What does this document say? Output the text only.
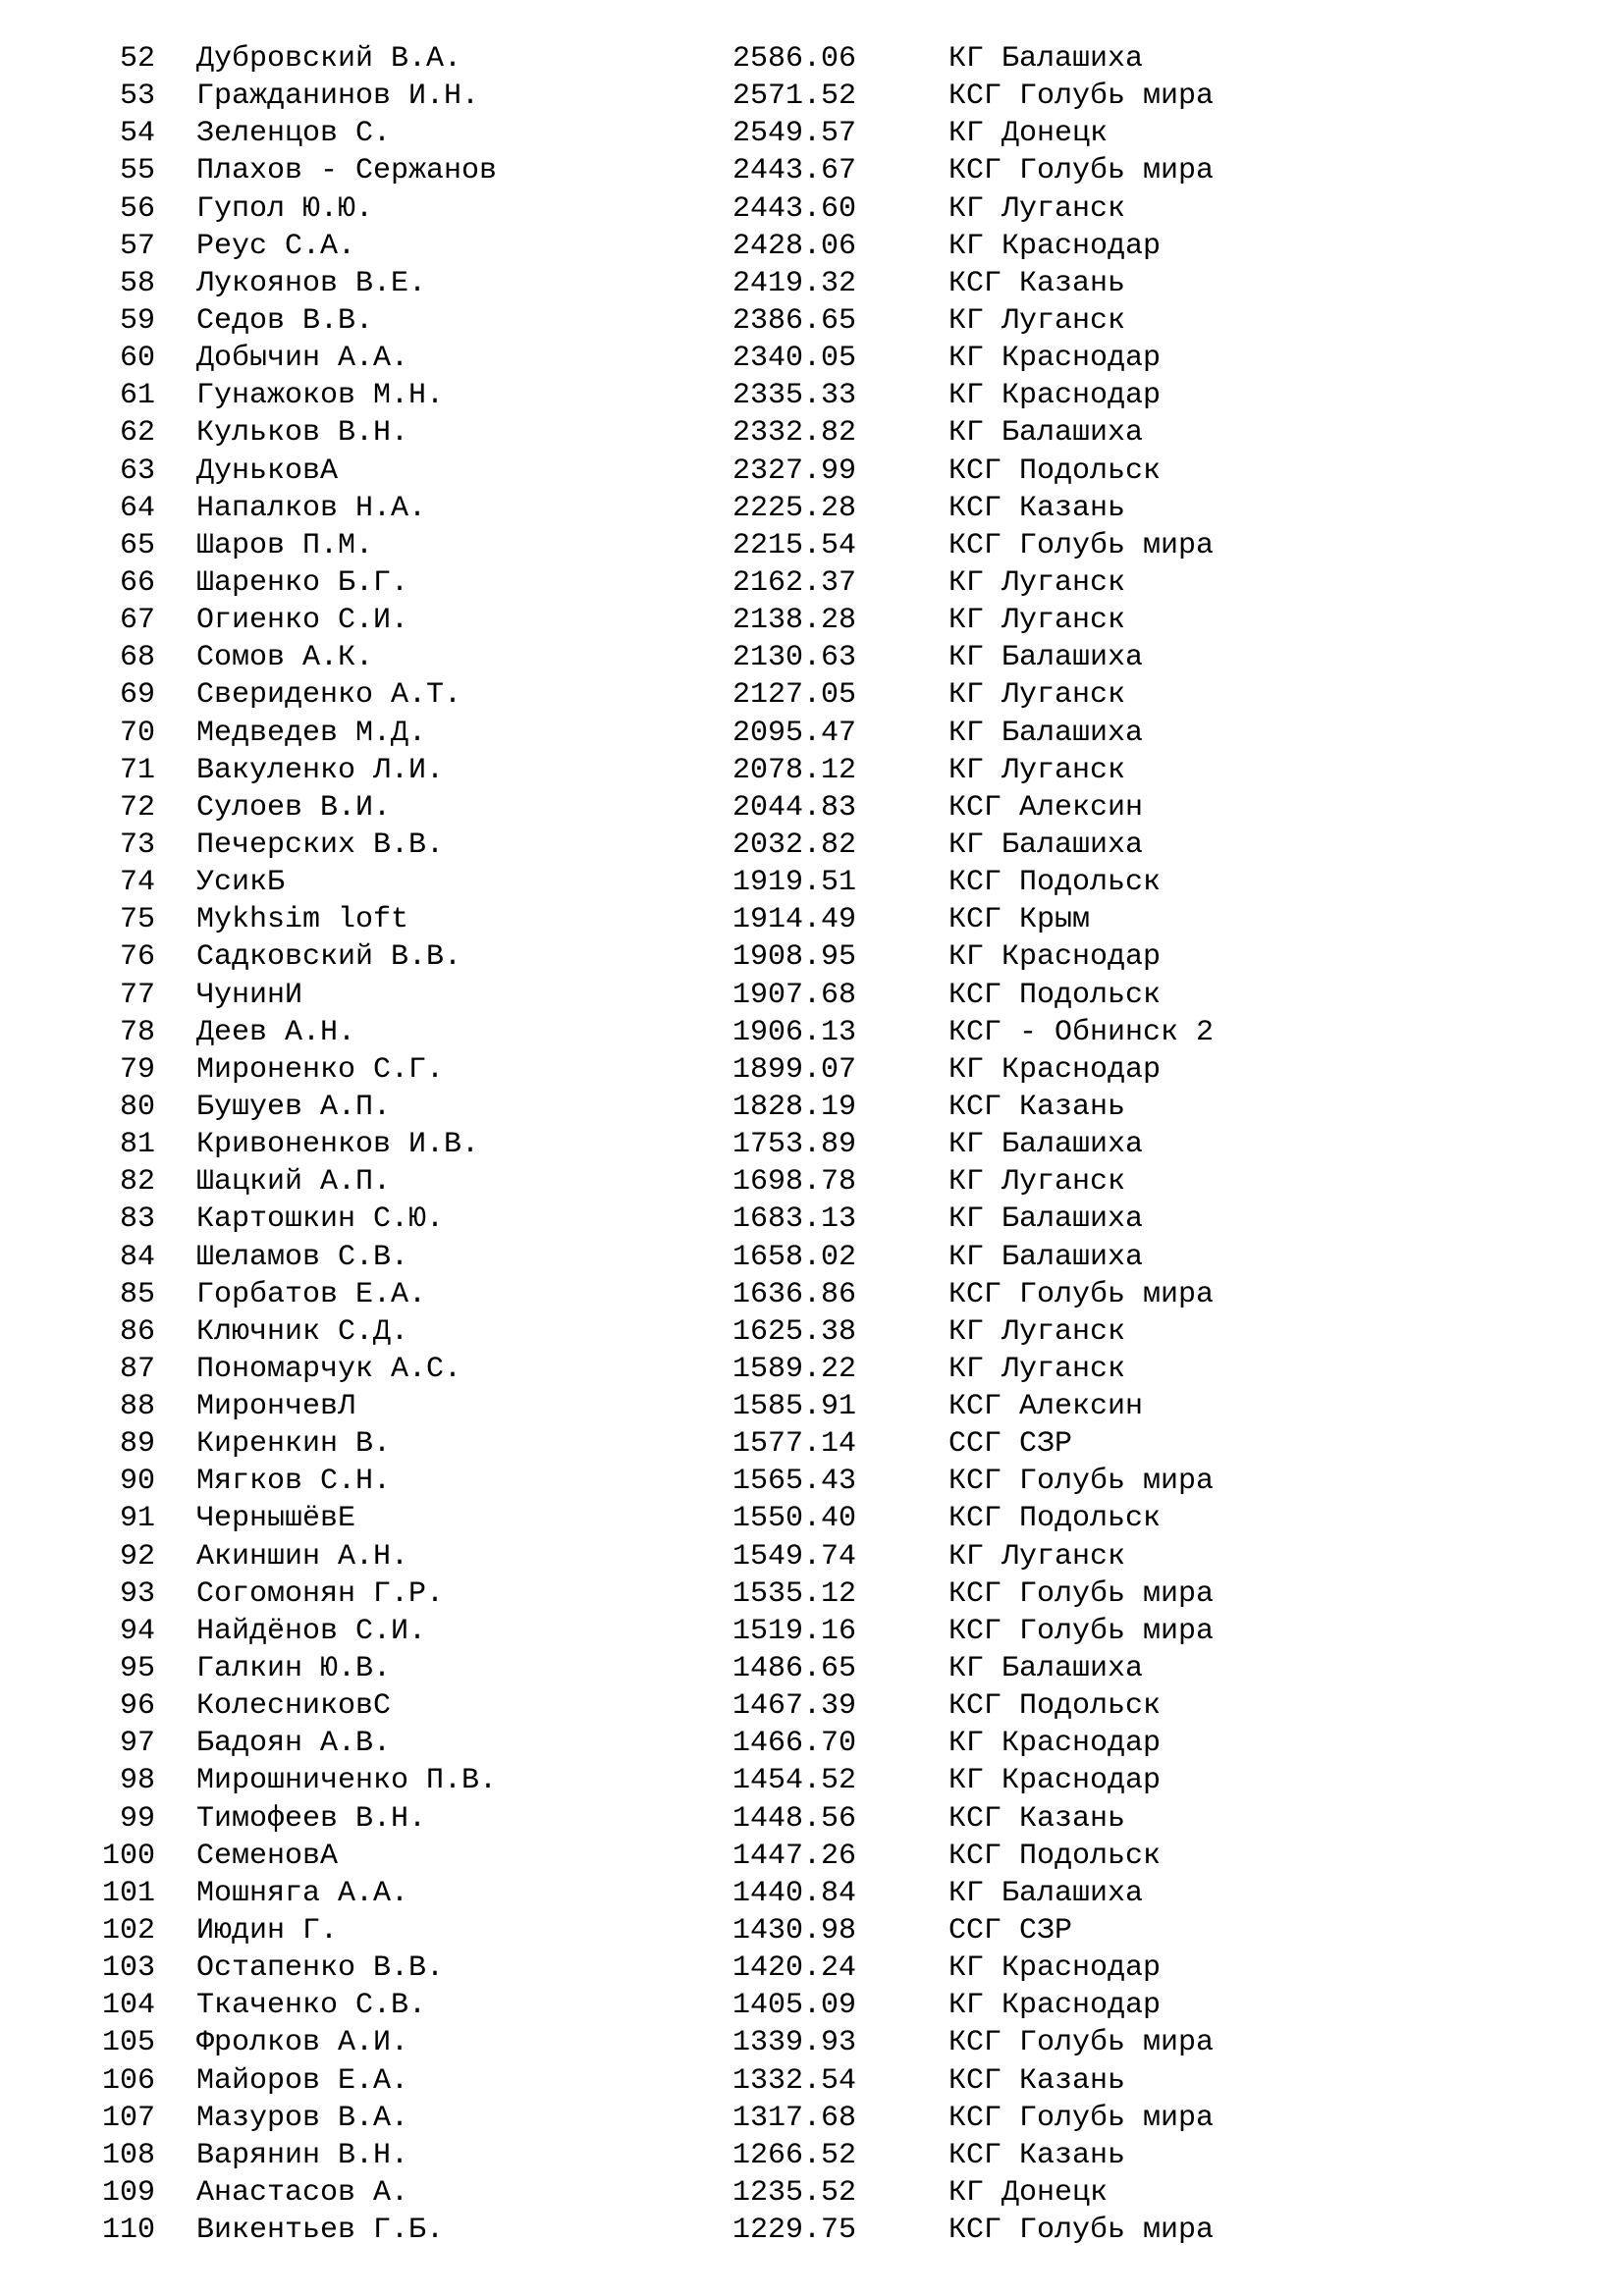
52 Дубровский В.А.	2586.06	КГ Балашиха
53 Гражданинов И.Н.	2571.52	КСГ Голубь мира
54 Зеленцов С.	2549.57	КГ Донецк
55 Плахов - Сержанов	2443.67	КСГ Голубь мира
56 Гупол Ю.Ю.	2443.60	КГ Луганск
57 Реус С.А.	2428.06	КГ Краснодар
58 Лукоянов В.Е.	2419.32	КСГ Казань
59 Седов В.В.	2386.65	КГ Луганск
60 Добычин А.А.	2340.05	КГ Краснодар
61 Гунажоков М.Н.	2335.33	КГ Краснодар
62 Кульков В.Н.	2332.82	КГ Балашиха
63 ДуньковА	2327.99	КСГ Подольск
64 Напалков Н.А.	2225.28	КСГ Казань
65 Шаров П.М.	2215.54	КСГ Голубь мира
66 Шаренко Б.Г.	2162.37	КГ Луганск
67 Огиенко С.И.	2138.28	КГ Луганск
68 Сомов А.К.	2130.63	КГ Балашиха
69 Свериденко А.Т.	2127.05	КГ Луганск
70 Медведев М.Д.	2095.47	КГ Балашиха
71 Вакуленко Л.И.	2078.12	КГ Луганск
72 Сулоев В.И.	2044.83	КСГ Алексин
73 Печерских В.В.	2032.82	КГ Балашиха
74 УсикБ	1919.51	КСГ Подольск
75 Mykhsim loft	1914.49	КСГ Крым
76 Садковский В.В.	1908.95	КГ Краснодар
77 ЧунинИ	1907.68	КСГ Подольск
78 Деев А.Н.	1906.13	КСГ - Обнинск 2
79 Мироненко С.Г.	1899.07	КГ Краснодар
80 Бушуев А.П.	1828.19	КСГ Казань
81 Кривоненков И.В.	1753.89	КГ Балашиха
82 Шацкий А.П.	1698.78	КГ Луганск
83 Картошкин С.Ю.	1683.13	КГ Балашиха
84 Шеламов С.В.	1658.02	КГ Балашиха
85 Горбатов Е.А.	1636.86	КСГ Голубь мира
86 Ключник С.Д.	1625.38	КГ Луганск
87 Пономарчук А.С.	1589.22	КГ Луганск
88 МирончевЛ	1585.91	КСГ Алексин
89 Киренкин В.	1577.14	ССГ СЗР
90 Мягков С.Н.	1565.43	КСГ Голубь мира
91 ЧернышёвЕ	1550.40	КСГ Подольск
92 Акиншин А.Н.	1549.74	КГ Луганск
93 Согомонян Г.Р.	1535.12	КСГ Голубь мира
94 Найдёнов С.И.	1519.16	КСГ Голубь мира
95 Галкин Ю.В.	1486.65	КГ Балашиха
96 КолесниковС	1467.39	КСГ Подольск
97 Бадоян А.В.	1466.70	КГ Краснодар
98 Мирошниченко П.В.	1454.52	КГ Краснодар
99 Тимофеев В.Н.	1448.56	КСГ Казань
100 СеменовА	1447.26	КСГ Подольск
101 Мошняга А.А.	1440.84	КГ Балашиха
102 Июдин Г.	1430.98	ССГ СЗР
103 Остапенко В.В.	1420.24	КГ Краснодар
104 Ткаченко С.В.	1405.09	КГ Краснодар
105 Фролков А.И.	1339.93	КСГ Голубь мира
106 Майоров Е.А.	1332.54	КСГ Казань
107 Мазуров В.А.	1317.68	КСГ Голубь мира
108 Варянин В.Н.	1266.52	КСГ Казань
109 Анастасов А.	1235.52	КГ Донецк
110 Викентьев Г.Б.	1229.75	КСГ Голубь мира
